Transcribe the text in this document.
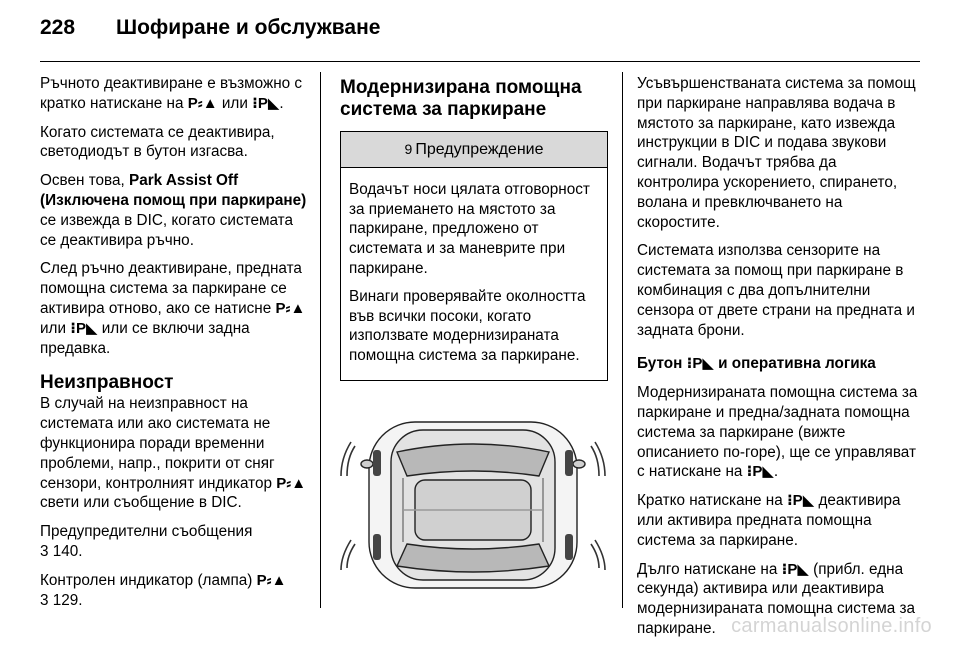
228 Шофиране и обслужване

Ръчното деактивиране е възможно с кратко натискане на P⸗▲ или ⁝P◣.

Когато системата се деактивира, светодиодът в бутон изгасва.

Освен това, Park Assist Off (Изключена помощ при паркиране) се извежда в DIC, когато системата се деактивира ръчно.

След ръчно деактивиране, предната помощна система за паркиране се активира отново, ако се натисне P⸗▲ или ⁝P◣ или се включи задна предавка.

Неизправност

В случай на неизправност на системата или ако системата не функционира поради временни проблеми, напр., покрити от сняг сензори, контролният индикатор P⸗▲ свети или съобщение в DIC.

Предупредителни съобщения
3 140.

Контролен индикатор (лампа) P⸗▲
3 129.

Модернизирана помощна система за паркиране
9 Предупреждение

Водачът носи цялата отговорност за приемането на мястото за паркиране, предложено от системата и за маневрите при паркиране.

Винаги проверявайте околността във всички посоки, когато използвате модернизираната помощна система за паркиране.

Усъвършенстваната система за помощ при паркиране направлява водача в мястото за паркиране, като извежда инструкции в DIC и подава звукови сигнали. Водачът трябва да контролира ускорението, спирането, волана и превключването на скоростите.

Системата използва сензорите на системата за помощ при паркиране в комбинация с два допълнителни сензора от двете страни на предната и задната брони.

Бутон ⁝P◣ и оперативна логика

Модернизираната помощна система за паркиране и предна/задната помощна система за паркиране (вижте описанието по-горе), ще се управляват с натискане на ⁝P◣.

Кратко натискане на ⁝P◣ деактивира или активира предната помощна система за паркиране.

Дълго натискане на ⁝P◣ (прибл. една секунда) активира или деактивира модернизираната помощна система за паркиране. carmanualsonline.info
